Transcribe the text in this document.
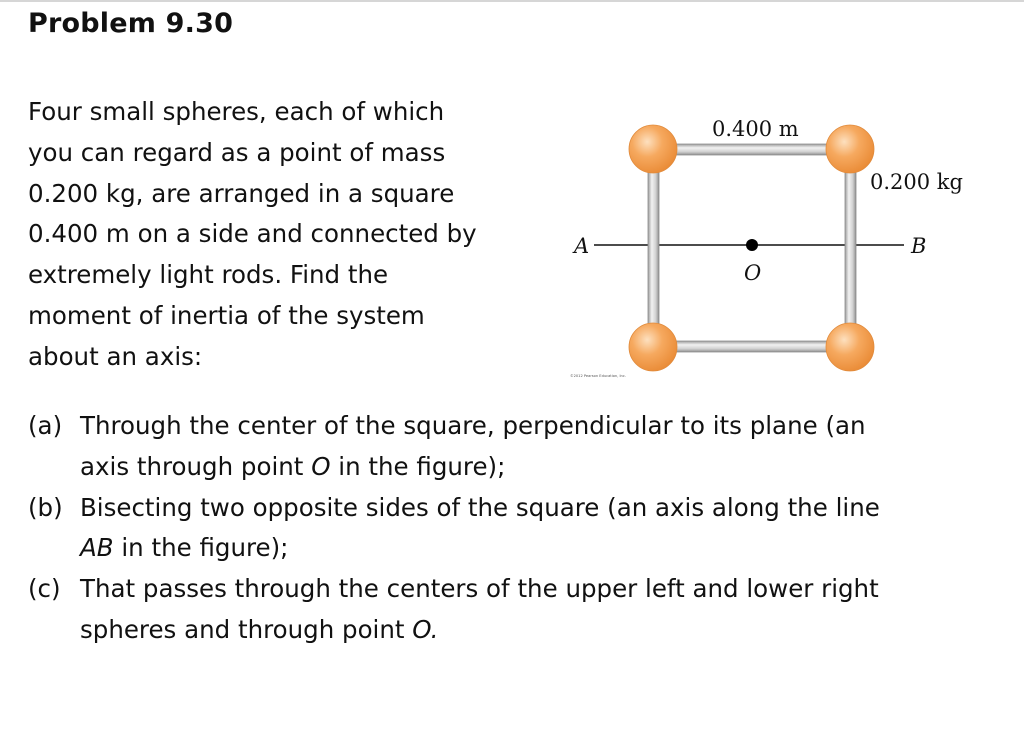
Problem 9.30
Four small spheres, each of which
you can regard as a point of mass
0.200 kg, are arranged in a square
0.400 m on a side and connected by
extremely light rods. Find the
moment of inertia of the system
about an axis:
0.400 m
0.200 kg
A	B
O
©2012 Pearson Education, Inc.
(a) Through the center of the square, perpendicular to its plane (an
axis through point O in the figure);
(b) Bisecting two opposite sides of the square (an axis along the line
AB in the figure);
(c) That passes through the centers of the upper left and lower right
spheres and through point O.
